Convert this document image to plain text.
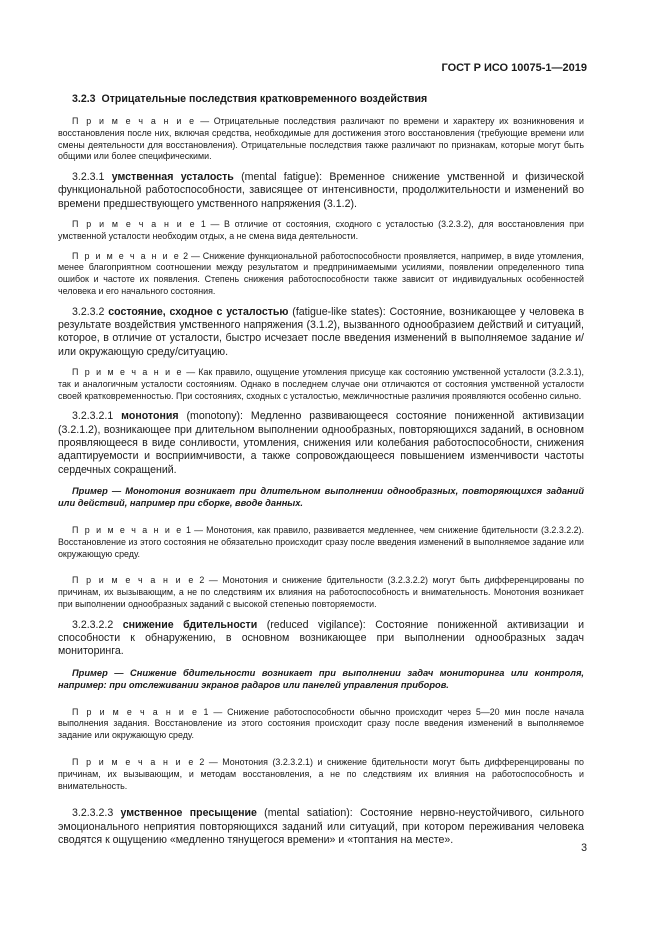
ГОСТ Р ИСО 10075-1—2019
3.2.3 Отрицательные последствия кратковременного воздействия

П р и м е ч а н и е — Отрицательные последствия различают по времени и характеру их возникновения и восстановления после них, включая средства, необходимые для достижения этого восстановления (требующие времени или смены деятельности для восстановления). Отрицательные последствия также различают по признакам, которые могут быть общими или более специфическими.

3.2.3.1 умственная усталость (mental fatigue): Временное снижение умственной и физической функциональной работоспособности, зависящее от интенсивности, продолжительности и изменений во времени предшествующего умственного напряжения (3.1.2).

П р и м е ч а н и е 1 — В отличие от состояния, сходного с усталостью (3.2.3.2), для восстановления при умственной усталости необходим отдых, а не смена вида деятельности.

П р и м е ч а н и е 2 — Снижение функциональной работоспособности проявляется, например, в виде утомления, менее благоприятном соотношении между результатом и предпринимаемыми усилиями, появлении определенного типа ошибок и частоте их появления. Степень снижения работоспособности также зависит от индивидуальных особенностей человека и его начального состояния.

3.2.3.2 состояние, сходное с усталостью (fatigue-like states): Состояние, возникающее у человека в результате воздействия умственного напряжения (3.1.2), вызванного однообразием действий и ситуаций, которое, в отличие от усталости, быстро исчезает после введения изменений в выполняемое задание и/или окружающую среду/ситуацию.

П р и м е ч а н и е — Как правило, ощущение утомления присуще как состоянию умственной усталости (3.2.3.1), так и аналогичным усталости состояниям. Однако в последнем случае они отличаются от состояния умственной усталости своей кратковременностью. При состояниях, сходных с усталостью, межличностные различия проявляются особенно сильно.

3.2.3.2.1 монотония (monotony): Медленно развивающееся состояние пониженной активизации (3.2.1.2), возникающее при длительном выполнении однообразных, повторяющихся заданий, в основном проявляющееся в виде сонливости, утомления, снижения или колебания работоспособности, снижения адаптируемости и восприимчивости, а также сопровождающееся повышением изменчивости частоты сердечных сокращений.

Пример — Монотония возникает при длительном выполнении однообразных, повторяющихся заданий или действий, например при сборке, вводе данных.

П р и м е ч а н и е 1 — Монотония, как правило, развивается медленнее, чем снижение бдительности (3.2.3.2.2). Восстановление из этого состояния не обязательно происходит сразу после введения изменений в выполняемое задание или окружающую среду.

П р и м е ч а н и е 2 — Монотония и снижение бдительности (3.2.3.2.2) могут быть дифференцированы по причинам, их вызывающим, а не по следствиям их влияния на работоспособность и внимательность. Монотония возникает при выполнении однообразных заданий с высокой степенью повторяемости.

3.2.3.2.2 снижение бдительности (reduced vigilance): Состояние пониженной активизации и способности к обнаружению, в основном возникающее при выполнении однообразных задач мониторинга.

Пример — Снижение бдительности возникает при выполнении задач мониторинга или контроля, например: при отслеживании экранов радаров или панелей управления приборов.

П р и м е ч а н и е 1 — Снижение работоспособности обычно происходит через 5—20 мин после начала выполнения задания. Восстановление из этого состояния происходит сразу после введения изменений в выполняемое задание или окружающую среду.

П р и м е ч а н и е 2 — Монотония (3.2.3.2.1) и снижение бдительности могут быть дифференцированы по причинам, их вызывающим, и методам восстановления, а не по следствиям их влияния на работоспособность и внимательность.

3.2.3.2.3 умственное пресыщение (mental satiation): Состояние нервно-неустойчивого, сильного эмоционального неприятия повторяющихся заданий или ситуаций, при котором переживания человека сводятся к ощущению «медленно тянущегося времени» и «топтания на месте».

3
